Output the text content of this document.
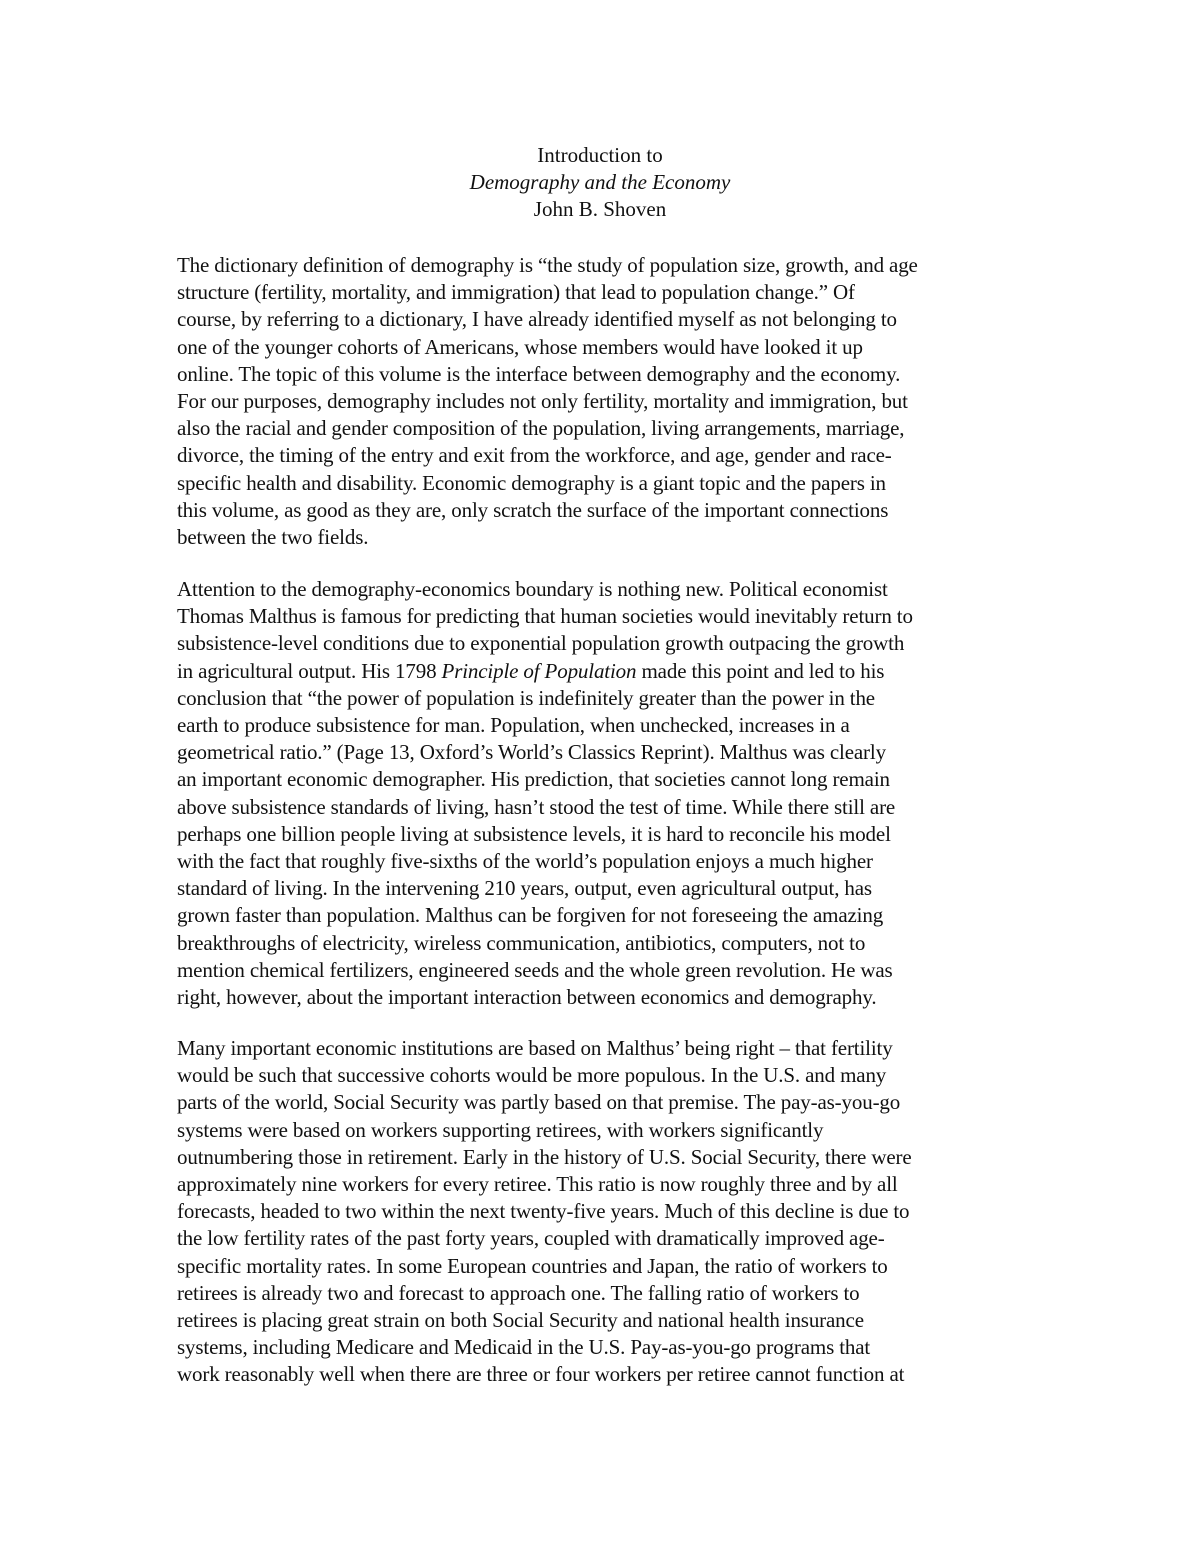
Introduction to
Demography and the Economy
John B. Shoven
The dictionary definition of demography is “the study of population size, growth, and age
structure (fertility, mortality, and immigration) that lead to population change.” Of
course, by referring to a dictionary, I have already identified myself as not belonging to
one of the younger cohorts of Americans, whose members would have looked it up
online. The topic of this volume is the interface between demography and the economy.
For our purposes, demography includes not only fertility, mortality and immigration, but
also the racial and gender composition of the population, living arrangements, marriage,
divorce, the timing of the entry and exit from the workforce, and age, gender and race-
specific health and disability. Economic demography is a giant topic and the papers in
this volume, as good as they are, only scratch the surface of the important connections
between the two fields.
Attention to the demography-economics boundary is nothing new. Political economist
Thomas Malthus is famous for predicting that human societies would inevitably return to
subsistence-level conditions due to exponential population growth outpacing the growth
in agricultural output. His 1798 Principle of Population made this point and led to his
conclusion that “the power of population is indefinitely greater than the power in the
earth to produce subsistence for man. Population, when unchecked, increases in a
geometrical ratio.” (Page 13, Oxford’s World’s Classics Reprint). Malthus was clearly
an important economic demographer. His prediction, that societies cannot long remain
above subsistence standards of living, hasn’t stood the test of time. While there still are
perhaps one billion people living at subsistence levels, it is hard to reconcile his model
with the fact that roughly five-sixths of the world’s population enjoys a much higher
standard of living. In the intervening 210 years, output, even agricultural output, has
grown faster than population. Malthus can be forgiven for not foreseeing the amazing
breakthroughs of electricity, wireless communication, antibiotics, computers, not to
mention chemical fertilizers, engineered seeds and the whole green revolution. He was
right, however, about the important interaction between economics and demography.
Many important economic institutions are based on Malthus’ being right – that fertility
would be such that successive cohorts would be more populous. In the U.S. and many
parts of the world, Social Security was partly based on that premise. The pay-as-you-go
systems were based on workers supporting retirees, with workers significantly
outnumbering those in retirement. Early in the history of U.S. Social Security, there were
approximately nine workers for every retiree. This ratio is now roughly three and by all
forecasts, headed to two within the next twenty-five years. Much of this decline is due to
the low fertility rates of the past forty years, coupled with dramatically improved age-
specific mortality rates. In some European countries and Japan, the ratio of workers to
retirees is already two and forecast to approach one. The falling ratio of workers to
retirees is placing great strain on both Social Security and national health insurance
systems, including Medicare and Medicaid in the U.S. Pay-as-you-go programs that
work reasonably well when there are three or four workers per retiree cannot function at
